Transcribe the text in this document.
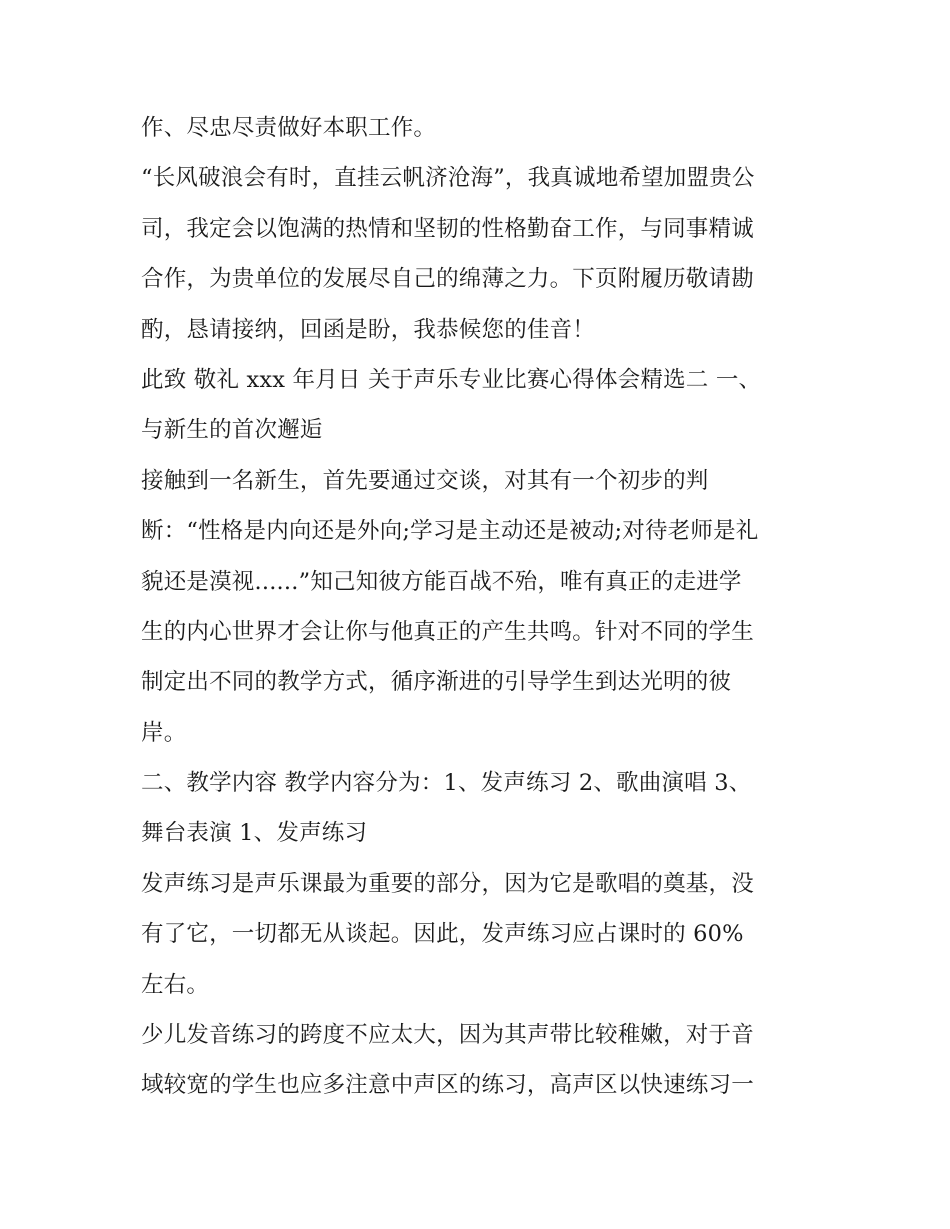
作、尽忠尽责做好本职工作。
“长风破浪会有时，直挂云帆济沧海”，我真诚地希望加盟贵公
司，我定会以饱满的热情和坚韧的性格勤奋工作，与同事精诚
合作，为贵单位的发展尽自己的绵薄之力。下页附履历敬请勘
酌，恳请接纳，回函是盼，我恭候您的佳音！
此致 敬礼 xxx 年月日 关于声乐专业比赛心得体会精选二 一、
与新生的首次邂逅
接触到一名新生，首先要通过交谈，对其有一个初步的判
断：“性格是内向还是外向;学习是主动还是被动;对待老师是礼
貌还是漠视......”知己知彼方能百战不殆，唯有真正的走进学
生的内心世界才会让你与他真正的产生共鸣。针对不同的学生
制定出不同的教学方式，循序渐进的引导学生到达光明的彼
岸。
二、教学内容 教学内容分为：1、发声练习 2、歌曲演唱 3、
舞台表演 1、发声练习
发声练习是声乐课最为重要的部分，因为它是歌唱的奠基，没
有了它，一切都无从谈起。因此，发声练习应占课时的 60%
左右。
少儿发音练习的跨度不应太大，因为其声带比较稚嫩，对于音
域较宽的学生也应多注意中声区的练习，高声区以快速练习一
